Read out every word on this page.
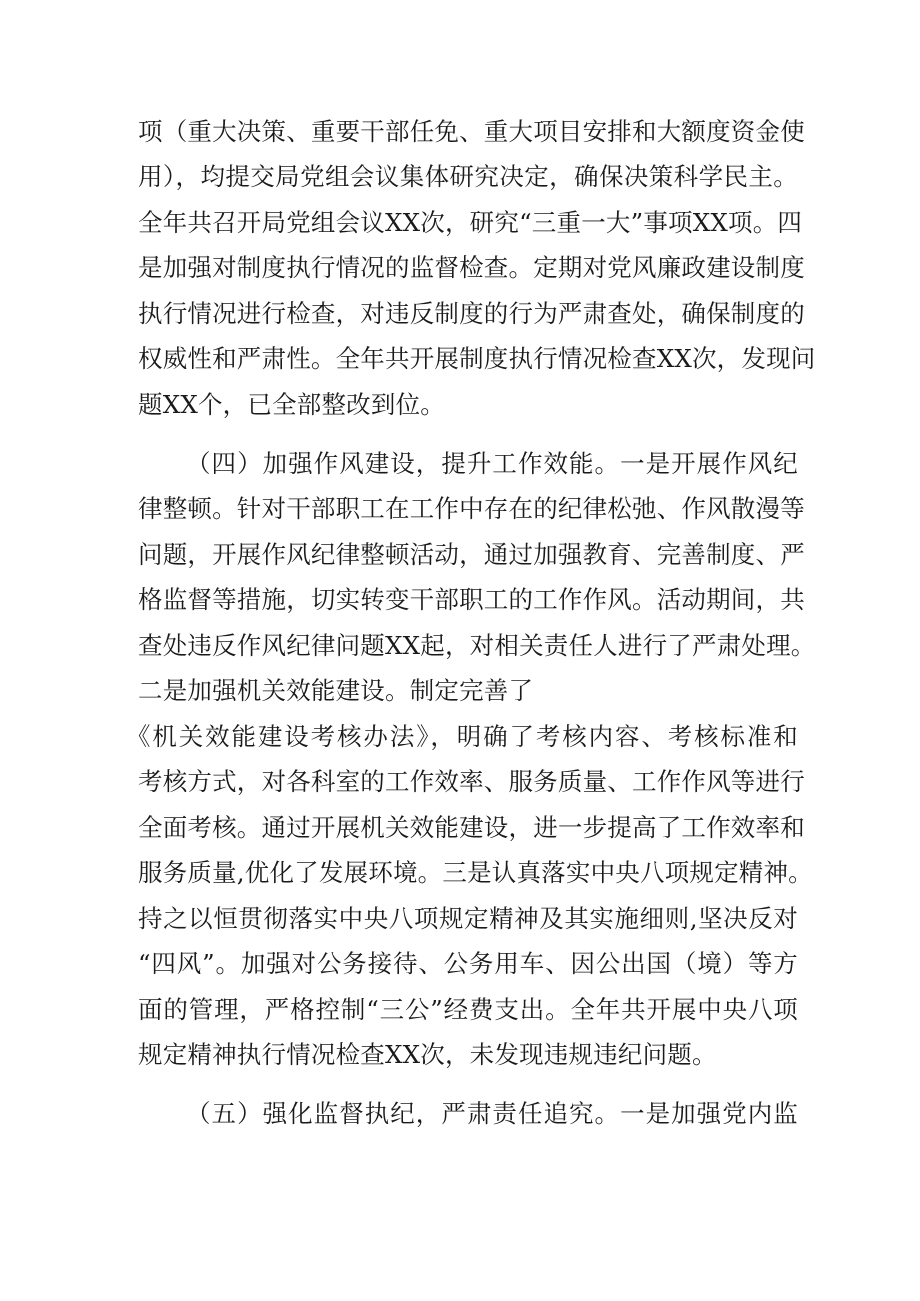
项（重大决策、重要干部任免、重大项目安排和大额度资金使
用），均提交局党组会议集体研究决定，确保决策科学民主。
全年共召开局党组会议XX次，研究“三重一大”事项XX项。四
是加强对制度执行情况的监督检查。定期对党风廉政建设制度
执行情况进行检查，对违反制度的行为严肃查处，确保制度的
权威性和严肃性。全年共开展制度执行情况检查XX次，发现问
题XX个，已全部整改到位。
（四）加强作风建设，提升工作效能。一是开展作风纪
律整顿。针对干部职工在工作中存在的纪律松弛、作风散漫等
问题，开展作风纪律整顿活动，通过加强教育、完善制度、严
格监督等措施，切实转变干部职工的工作作风。活动期间，共
查处违反作风纪律问题XX起，对相关责任人进行了严肃处理。
二是加强机关效能建设。制定完善了
《机关效能建设考核办法》，明确了考核内容、考核标准和
考核方式，对各科室的工作效率、服务质量、工作作风等进行
全面考核。通过开展机关效能建设，进一步提高了工作效率和
服务质量,优化了发展环境。三是认真落实中央八项规定精神。
持之以恒贯彻落实中央八项规定精神及其实施细则,坚决反对
“四风”。加强对公务接待、公务用车、因公出国（境）等方
面的管理，严格控制“三公”经费支出。全年共开展中央八项
规定精神执行情况检查XX次，未发现违规违纪问题。
（五）强化监督执纪，严肃责任追究。一是加强党内监
